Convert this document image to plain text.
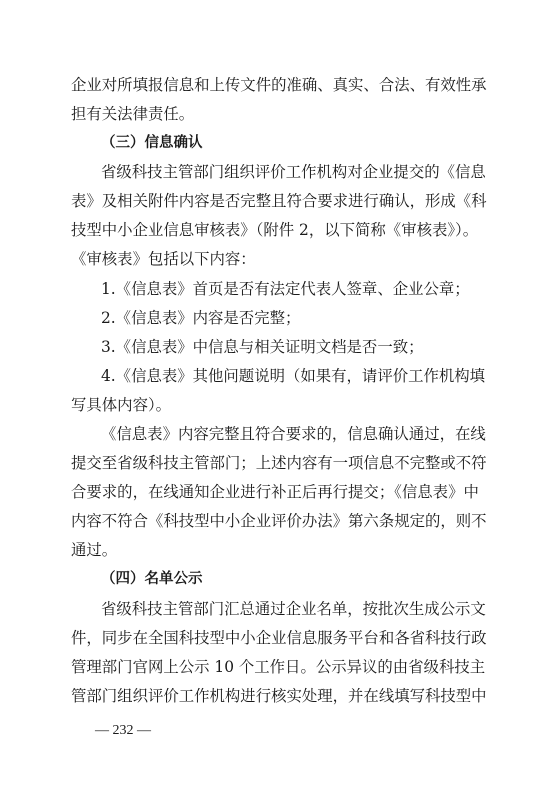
企业对所填报信息和上传文件的准确、真实、合法、有效性承
担有关法律责任。
（三）信息确认
省级科技主管部门组织评价工作机构对企业提交的《信息
表》及相关附件内容是否完整且符合要求进行确认，形成《科
技型中小企业信息审核表》（附件 2，以下简称《审核表》）。
《审核表》包括以下内容：
1.《信息表》首页是否有法定代表人签章、企业公章；
2.《信息表》内容是否完整；
3.《信息表》中信息与相关证明文档是否一致；
4.《信息表》其他问题说明（如果有，请评价工作机构填
写具体内容）。
《信息表》内容完整且符合要求的，信息确认通过，在线
提交至省级科技主管部门；上述内容有一项信息不完整或不符
合要求的，在线通知企业进行补正后再行提交；《信息表》中
内容不符合《科技型中小企业评价办法》第六条规定的，则不
通过。
（四）名单公示
省级科技主管部门汇总通过企业名单，按批次生成公示文
件，同步在全国科技型中小企业信息服务平台和各省科技行政
管理部门官网上公示 10 个工作日。公示异议的由省级科技主
管部门组织评价工作机构进行核实处理，并在线填写科技型中
— 232 —
